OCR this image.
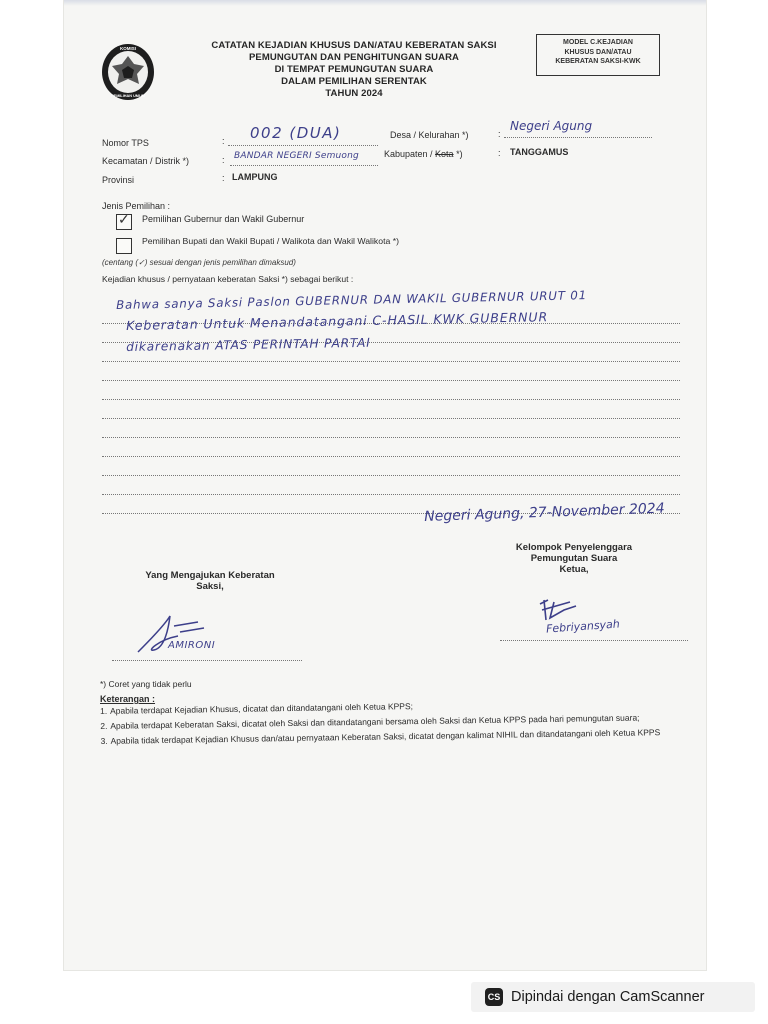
KOMISI
PEMILIHAN UMUM
CATATAN KEJADIAN KHUSUS DAN/ATAU KEBERATAN SAKSI
PEMUNGUTAN DAN PENGHITUNGAN SUARA
DI TEMPAT PEMUNGUTAN SUARA
DALAM PEMILIHAN SERENTAK
TAHUN 2024
MODEL C.KEJADIAN
KHUSUS DAN/ATAU
KEBERATAN SAKSI-KWK
Nomor TPS	: 002 (DUA)	Desa / Kelurahan *)	:
Negeri Agung
Kecamatan / Distrik *)	: BANDAR NEGERI Semuong	Kabupaten / Kota *)	: TANGGAMUS
Provinsi	: LAMPUNG
Jenis Pemilihan :
✓ Pemilihan Gubernur dan Wakil Gubernur
Pemilihan Bupati dan Wakil Bupati / Walikota dan Wakil Walikota *)
(centang (✓) sesuai dengan jenis pemilihan dimaksud)
Kejadian khusus / pernyataan keberatan Saksi *) sebagai berikut :
Bahwa sanya Saksi Paslon GUBERNUR DAN WAKIL GUBERNUR URUT 01
Keberatan Untuk Menandatangani C-HASIL KWK GUBERNUR
dikarenakan ATAS PERINTAH PARTAI
Negeri Agung, 27-November 2024
Kelompok Penyelenggara
Pemungutan Suara
Ketua,
Febriyansyah
Yang Mengajukan Keberatan
Saksi,
AMIRONI
*) Coret yang tidak perlu
Keterangan :
1. Apabila terdapat Kejadian Khusus, dicatat dan ditandatangani oleh Ketua KPPS;
2. Apabila terdapat Keberatan Saksi, dicatat oleh Saksi dan ditandatangani bersama oleh Saksi dan Ketua KPPS pada hari pemungutan suara;
3. Apabila tidak terdapat Kejadian Khusus dan/atau pernyataan Keberatan Saksi, dicatat dengan kalimat NIHIL dan ditandatangani oleh Ketua KPPS
CS Dipindai dengan CamScanner
